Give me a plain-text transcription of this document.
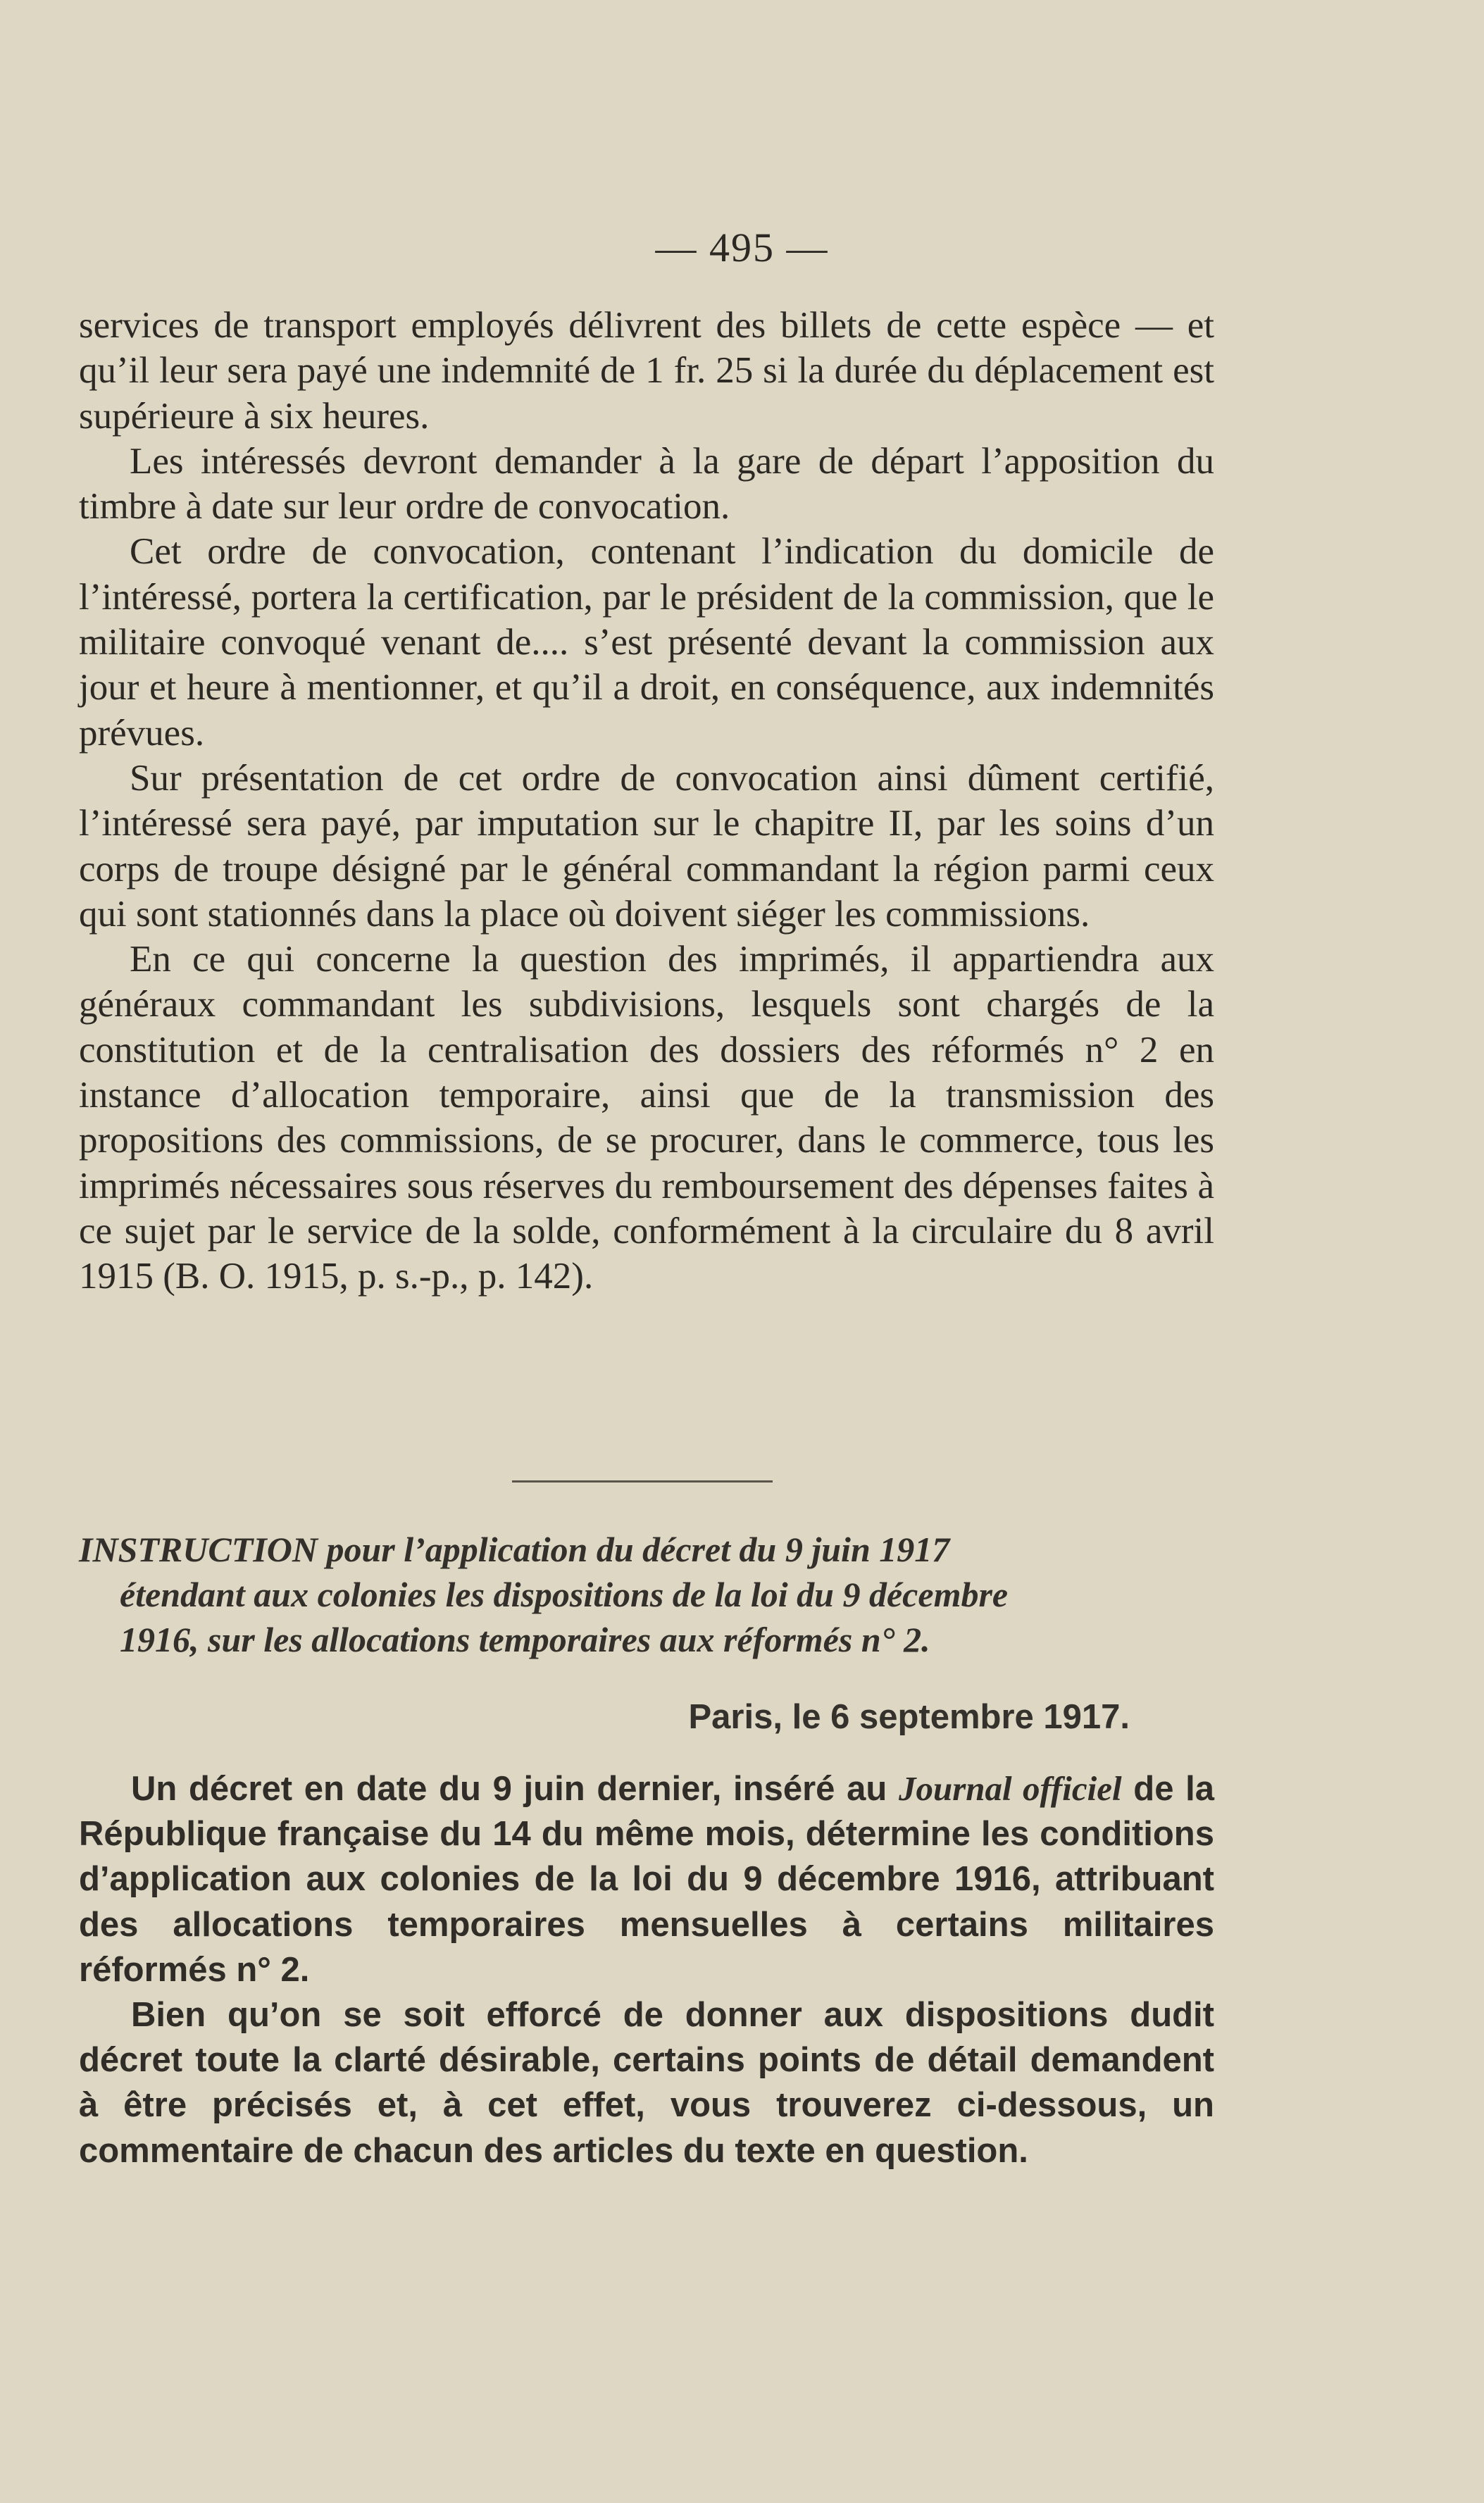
— 495 —

services de transport employés délivrent des billets de cette espèce — et qu’il leur sera payé une indemnité de 1 fr. 25 si la durée du déplacement est supérieure à six heures.

Les intéressés devront demander à la gare de départ l’apposition du timbre à date sur leur ordre de convocation.

Cet ordre de convocation, contenant l’indication du domicile de l’intéressé, portera la certification, par le président de la commission, que le militaire convoqué venant de.... s’est présenté devant la commission aux jour et heure à mentionner, et qu’il a droit, en conséquence, aux indemnités prévues.

Sur présentation de cet ordre de convocation ainsi dûment certifié, l’intéressé sera payé, par imputation sur le chapitre II, par les soins d’un corps de troupe désigné par le général commandant la région parmi ceux qui sont stationnés dans la place où doivent siéger les commissions.

En ce qui concerne la question des imprimés, il appartiendra aux généraux commandant les subdivisions, lesquels sont chargés de la constitution et de la centralisation des dossiers des réformés n° 2 en instance d’allocation temporaire, ainsi que de la transmission des propositions des commissions, de se procurer, dans le commerce, tous les imprimés nécessaires sous réserves du remboursement des dépenses faites à ce sujet par le service de la solde, conformément à la circulaire du 8 avril 1915 (B. O. 1915, p. s.-p., p. 142).

INSTRUCTION pour l’application du décret du 9 juin 1917
étendant aux colonies les dispositions de la loi du 9 décembre
1916, sur les allocations temporaires aux réformés n° 2.
Paris, le 6 septembre 1917.

Un décret en date du 9 juin dernier, inséré au Journal officiel de la République française du 14 du même mois, détermine les conditions d’application aux colonies de la loi du 9 décembre 1916, attribuant des allocations temporaires mensuelles à certains militaires réformés n° 2.

Bien qu’on se soit efforcé de donner aux dispositions dudit décret toute la clarté désirable, certains points de détail demandent à être précisés et, à cet effet, vous trouverez ci-dessous, un commentaire de chacun des articles du texte en question.
